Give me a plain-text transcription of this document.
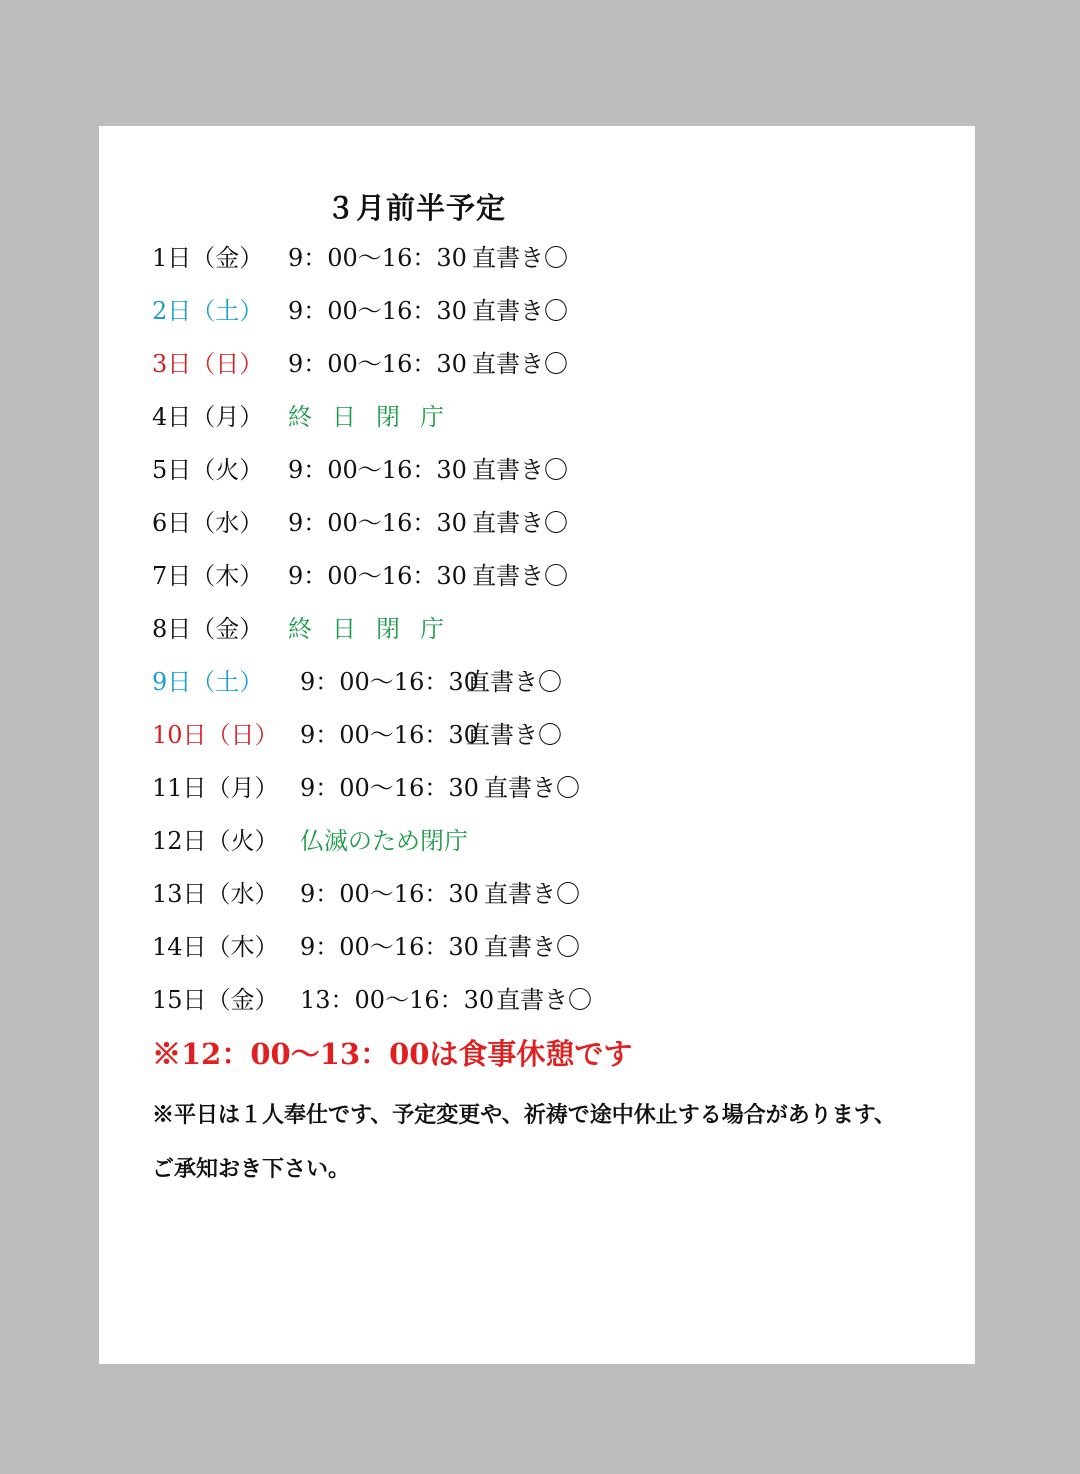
３月前半予定
1日（金） 9：00〜16：30 直書き〇
2日（土） 9：00〜16：30 直書き〇
3日（日） 9：00〜16：30 直書き〇
4日（月） 終日閉庁
5日（火） 9：00〜16：30 直書き〇
6日（水） 9：00〜16：30 直書き〇
7日（木） 9：00〜16：30 直書き〇
8日（金） 終日閉庁
9日（土） 9：00〜16：30
直書き〇
10日（日） 9：00〜16：30
直書き〇
11日（月） 9：00〜16：30 直書き〇
12日（火） 仏滅のため閉庁
13日（水） 9：00〜16：30 直書き〇
14日（木） 9：00〜16：30 直書き〇
15日（金） 13：00〜16：30 直書き〇
※12：00〜13：00は食事休憩です
※平日は１人奉仕です、予定変更や、祈祷で途中休止する場合があります、
ご承知おき下さい。
